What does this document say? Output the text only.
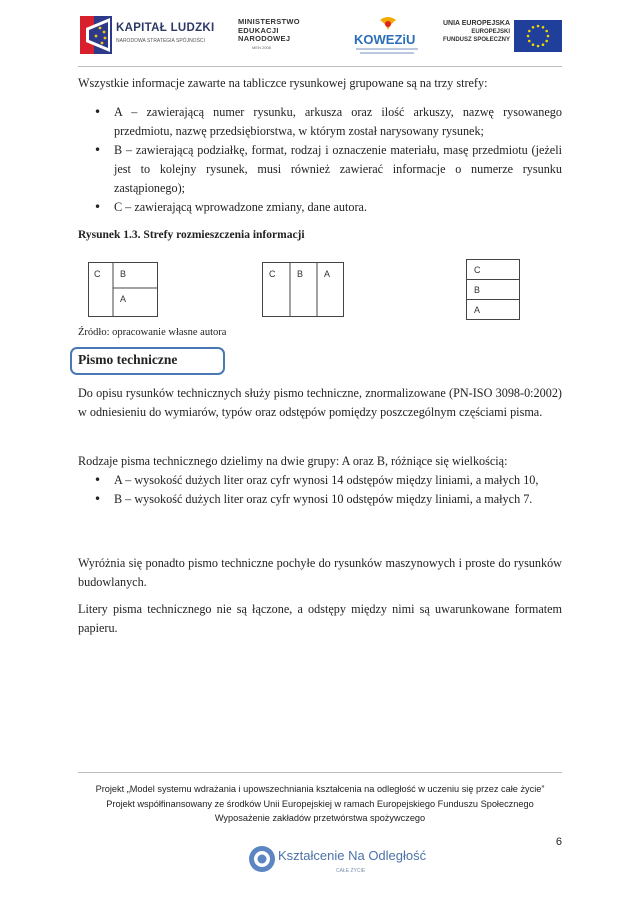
KAPITAŁ LUDZKI
NARODOWA STRATEGIA SPÓJNOŚCI
MINISTERSTWO
EDUKACJI
NARODOWEJ
MEN 2008	KOWEZiU
UNIA EUROPEJSKA
EUROPEJSKI
FUNDUSZ SPOŁECZNY
Wszystkie informacje zawarte na tabliczce rysunkowej grupowane są na trzy strefy:
• A – zawierającą numer rysunku, arkusza oraz ilość arkuszy, nazwę rysowanego przedmiotu, nazwę przedsiębiorstwa, w którym został narysowany rysunek;
• B – zawierającą podziałkę, format, rodzaj i oznaczenie materiału, masę przedmiotu (jeżeli jest to kolejny rysunek, musi również zawierać informacje o numerze rysunku zastąpionego);
• C – zawierającą wprowadzone zmiany, dane autora.
Rysunek 1.3. Strefy rozmieszczenia informacji
C B
A
C B A	C
B
A
Źródło: opracowanie własne autora
Pismo techniczne
Do opisu rysunków technicznych służy pismo techniczne, znormalizowane (PN-ISO 3098-0:2002) w odniesieniu do wymiarów, typów oraz odstępów pomiędzy poszczególnym częściami pisma.
Rodzaje pisma technicznego dzielimy na dwie grupy: A oraz B, różniące się wielkością:
• A – wysokość dużych liter oraz cyfr wynosi 14 odstępów między liniami, a małych 10,
• B – wysokość dużych liter oraz cyfr wynosi 10 odstępów między liniami, a małych 7.
Wyróżnia się ponadto pismo techniczne pochyłe do rysunków maszynowych i proste do rysunków budowlanych.
Litery pisma technicznego nie są łączone, a odstępy między nimi są uwarunkowane formatem papieru.
Projekt „Model systemu wdrażania i upowszechniania kształcenia na odległość w uczeniu się przez całe życie”
Projekt współfinansowany ze środków Unii Europejskiej w ramach Europejskiego Funduszu Społecznego
Wyposażenie zakładów przetwórstwa spożywczego
6
Kształcenie Na Odległość
CAŁE ŻYCIE
